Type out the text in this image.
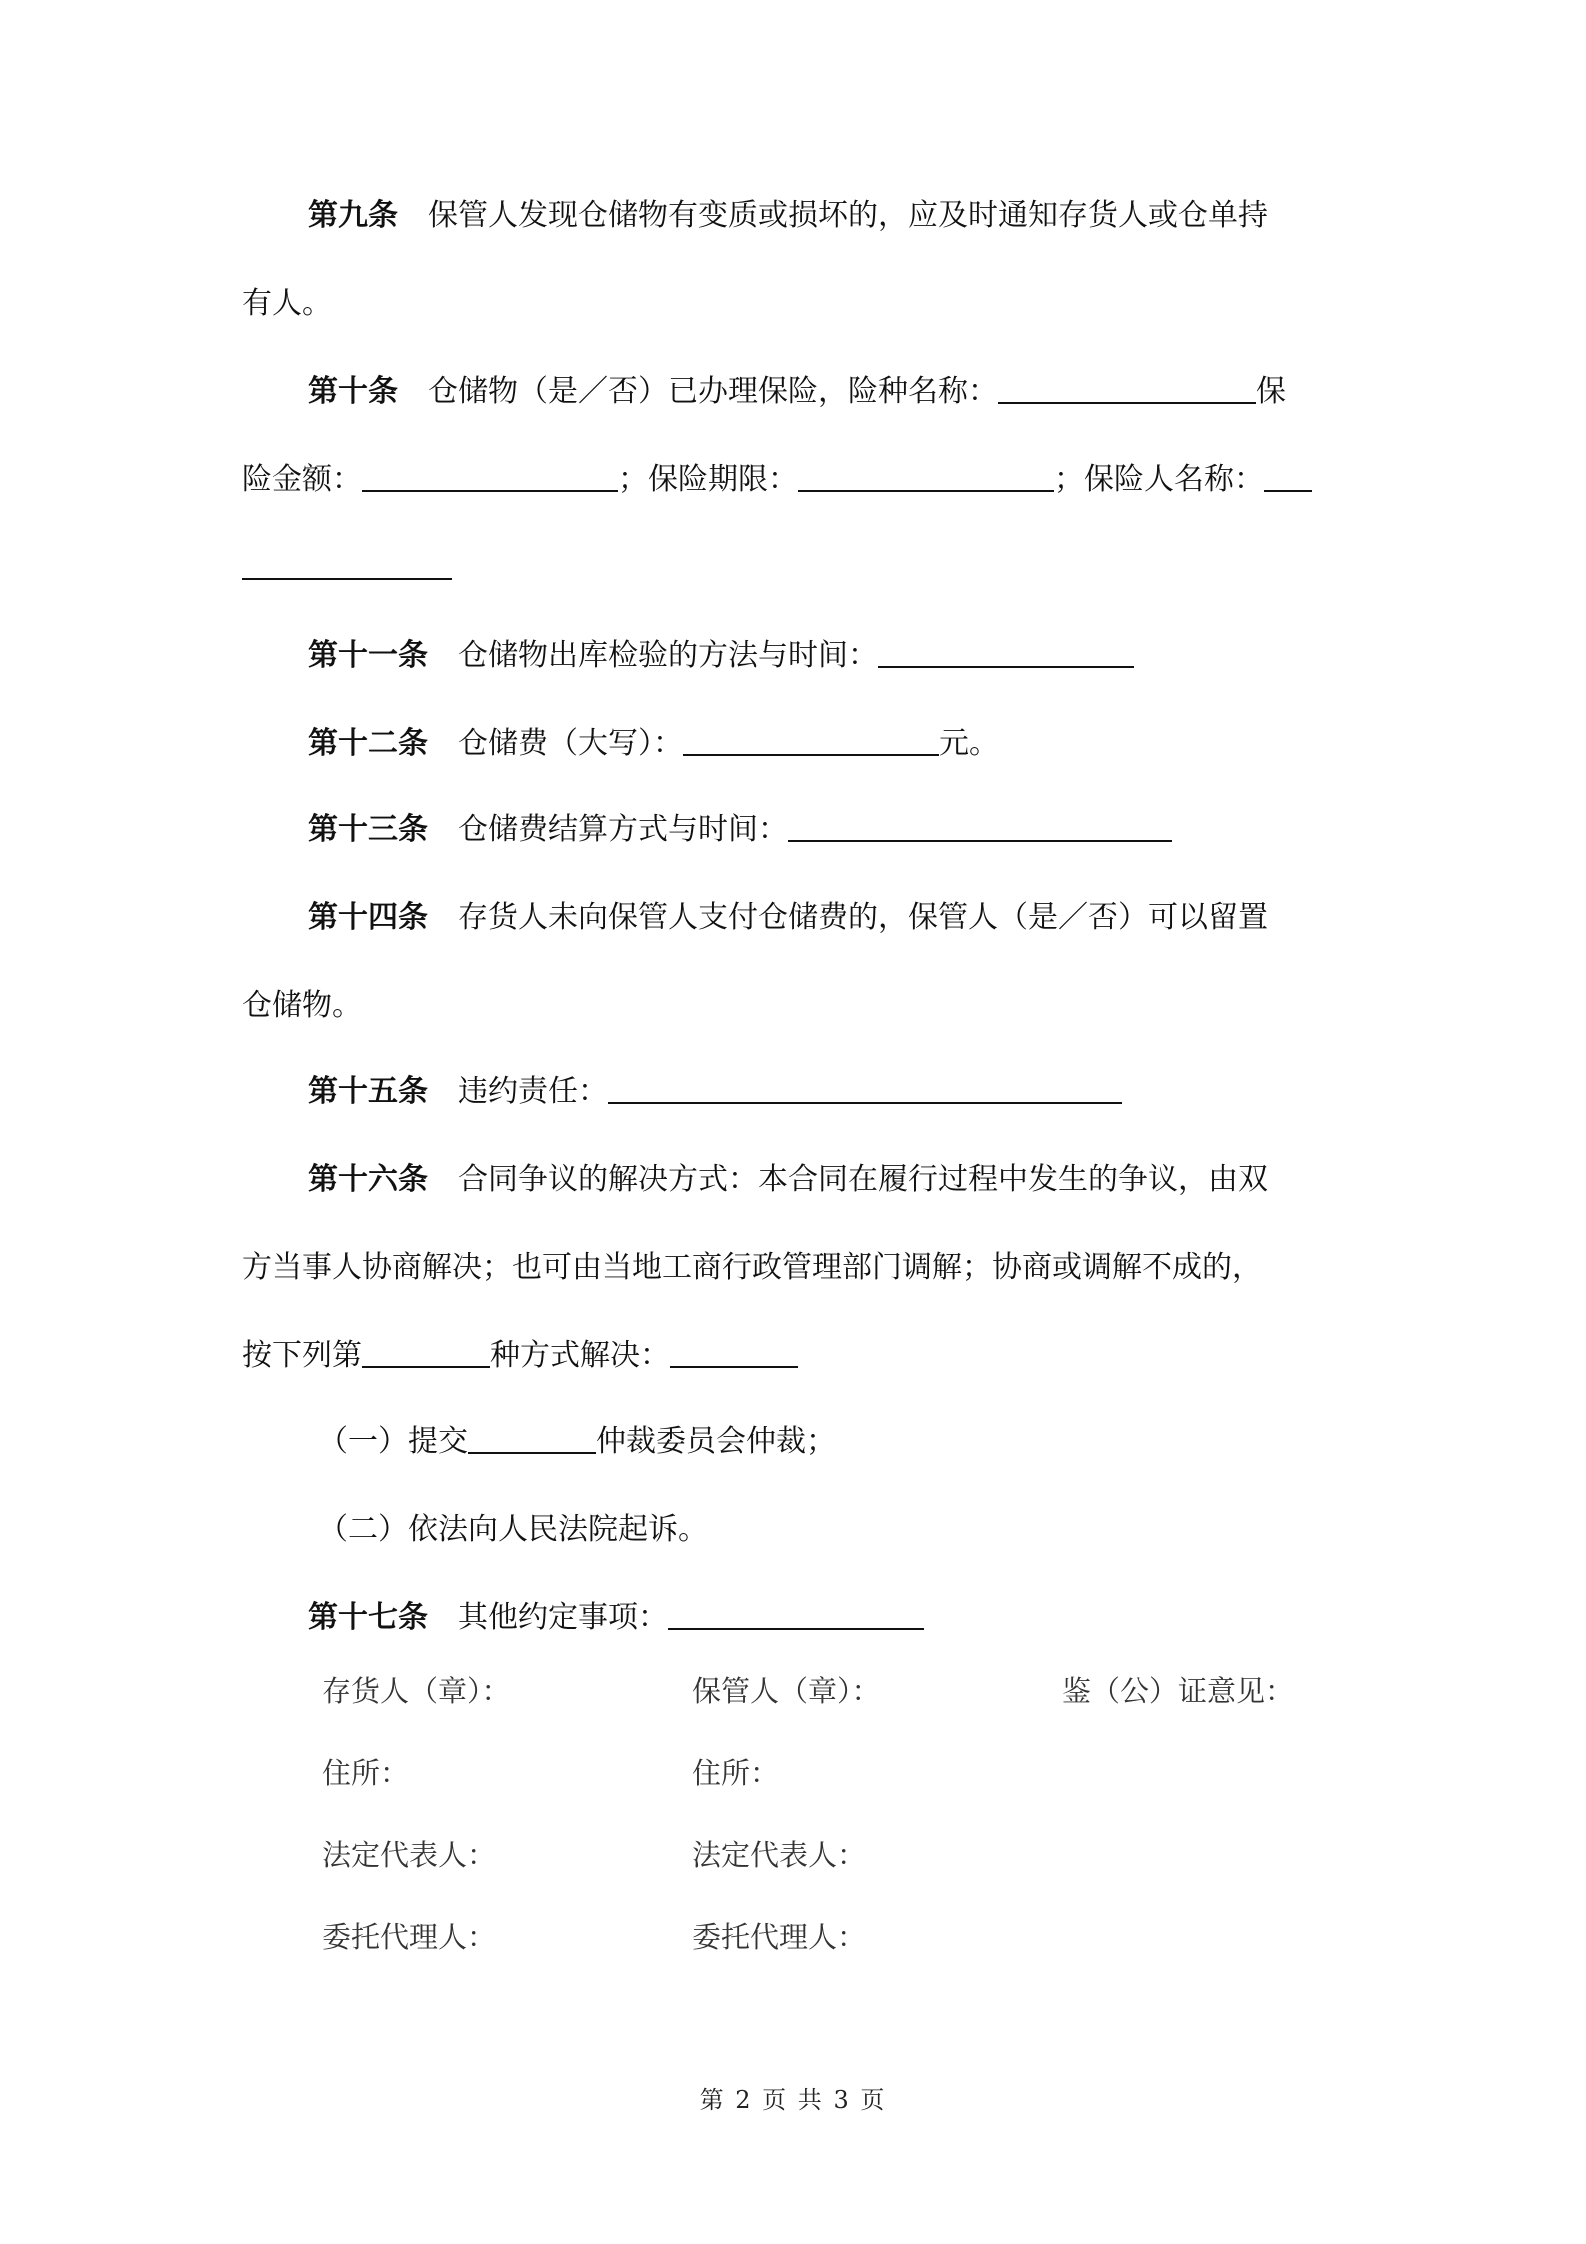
第九条 保管人发现仓储物有变质或损坏的，应及时通知存货人或仓单持
有人。
第十条 仓储物（是／否）已办理保险，险种名称：	保
险金额：	；保险期限：	；保险人名称：
第十一条 仓储物出库检验的方法与时间：
第十二条 仓储费（大写）：	元。
第十三条 仓储费结算方式与时间：
第十四条 存货人未向保管人支付仓储费的，保管人（是／否）可以留置
仓储物。
第十五条 违约责任：
第十六条 合同争议的解决方式：本合同在履行过程中发生的争议，由双
方当事人协商解决；也可由当地工商行政管理部门调解；协商或调解不成的，
按下列第	种方式解决：
（一）提交	仲裁委员会仲裁；
（二）依法向人民法院起诉。
第十七条 其他约定事项：
存货人（章）：	保管人（章）：	鉴（公）证意见：
住所：	住所：
法定代表人：	法定代表人：
委托代理人：	委托代理人：
第 2 页 共 3 页
